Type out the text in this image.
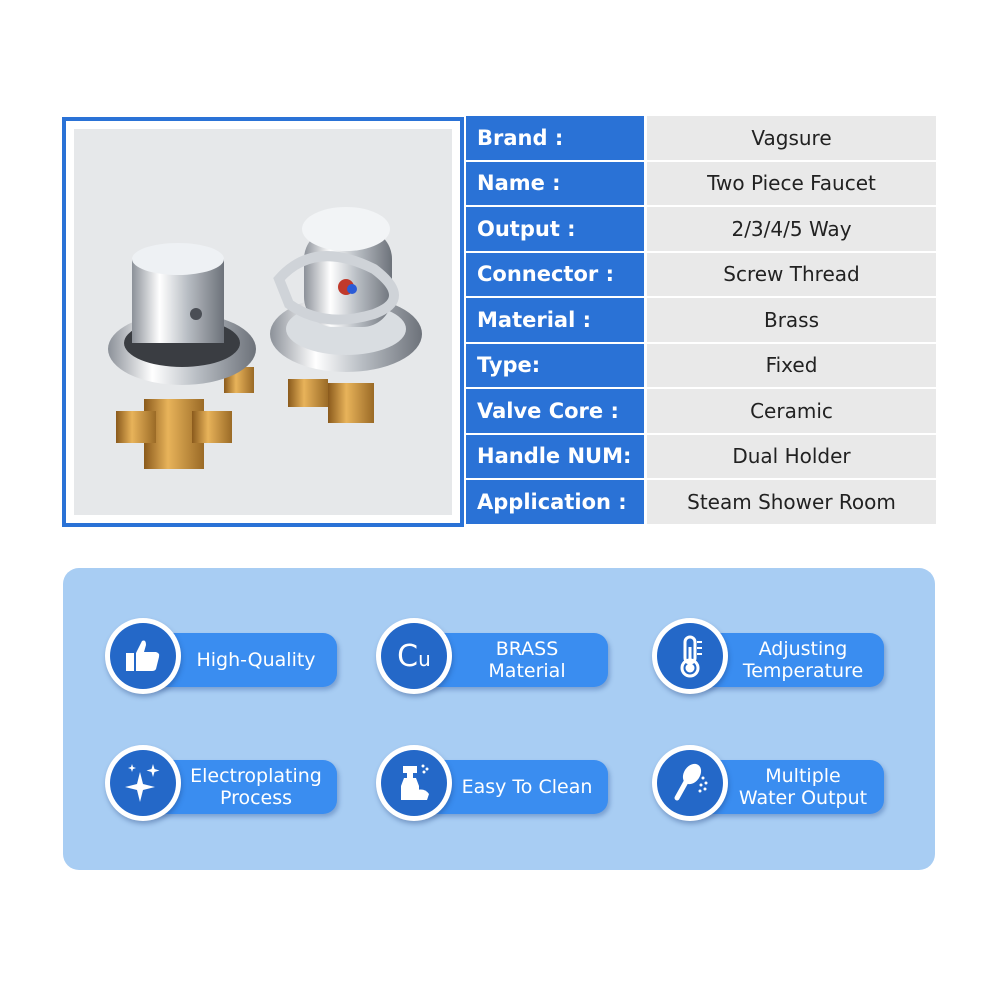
Brand :	Vagsure
Name :	Two Piece Faucet
Output :	2/3/4/5 Way
Connector :	Screw Thread
Material :	Brass
Type:	Fixed
Valve Core :	Ceramic
Handle NUM:	Dual Holder
Application :	Steam Shower Room
High-Quality	BRASS
Material
Cu	Adjusting
Temperature
Electroplating
Process	Easy To Clean	Multiple
Water Output
